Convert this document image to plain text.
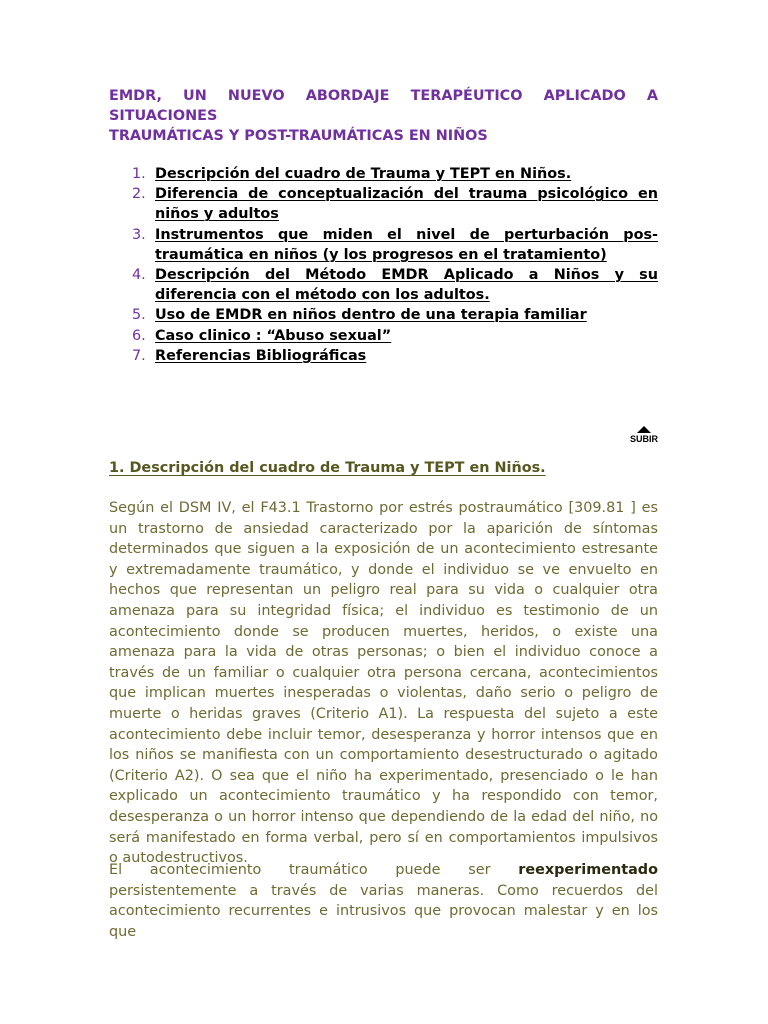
EMDR, UN NUEVO ABORDAJE TERAPÉUTICO APLICADO A
SITUACIONES
TRAUMÁTICAS Y POST-TRAUMÁTICAS EN NIÑOS
1. Descripción del cuadro de Trauma y TEPT en Niños.
2. Diferencia de conceptualización del trauma psicológico en niños y adultos
3. Instrumentos que miden el nivel de perturbación pos-traumática en niños (y los progresos en el tratamiento)
4. Descripción del Método EMDR Aplicado a Niños y su diferencia con el método con los adultos.
5. Uso de EMDR en niños dentro de una terapia familiar
6. Caso clinico : “Abuso sexual”
7. Referencias Bibliográficas
SUBIR
1. Descripción del cuadro de Trauma y TEPT en Niños.

Según el DSM IV, el F43.1 Trastorno por estrés postraumático [309.81 ] es un trastorno de ansiedad caracterizado por la aparición de síntomas determinados que siguen a la exposición de un acontecimiento estresante y extremadamente traumático, y donde el individuo se ve envuelto en hechos que representan un peligro real para su vida o cualquier otra amenaza para su integridad física; el individuo es testimonio de un acontecimiento donde se producen muertes, heridos, o existe una amenaza para la vida de otras personas; o bien el individuo conoce a través de un familiar o cualquier otra persona cercana, acontecimientos que implican muertes inesperadas o violentas, daño serio o peligro de muerte o heridas graves (Criterio A1). La respuesta del sujeto a este acontecimiento debe incluir temor, desesperanza y horror intensos que en los niños se manifiesta con un comportamiento desestructurado o agitado (Criterio A2). O sea que el niño ha experimentado, presenciado o le han explicado un acontecimiento traumático y ha respondido con temor, desesperanza o un horror intenso que dependiendo de la edad del niño, no será manifestado en forma verbal, pero sí en comportamientos impulsivos o autodestructivos.

El acontecimiento traumático puede ser reexperimentado persistentemente a través de varias maneras. Como recuerdos del acontecimiento recurrentes e intrusivos que provocan malestar y en los que
